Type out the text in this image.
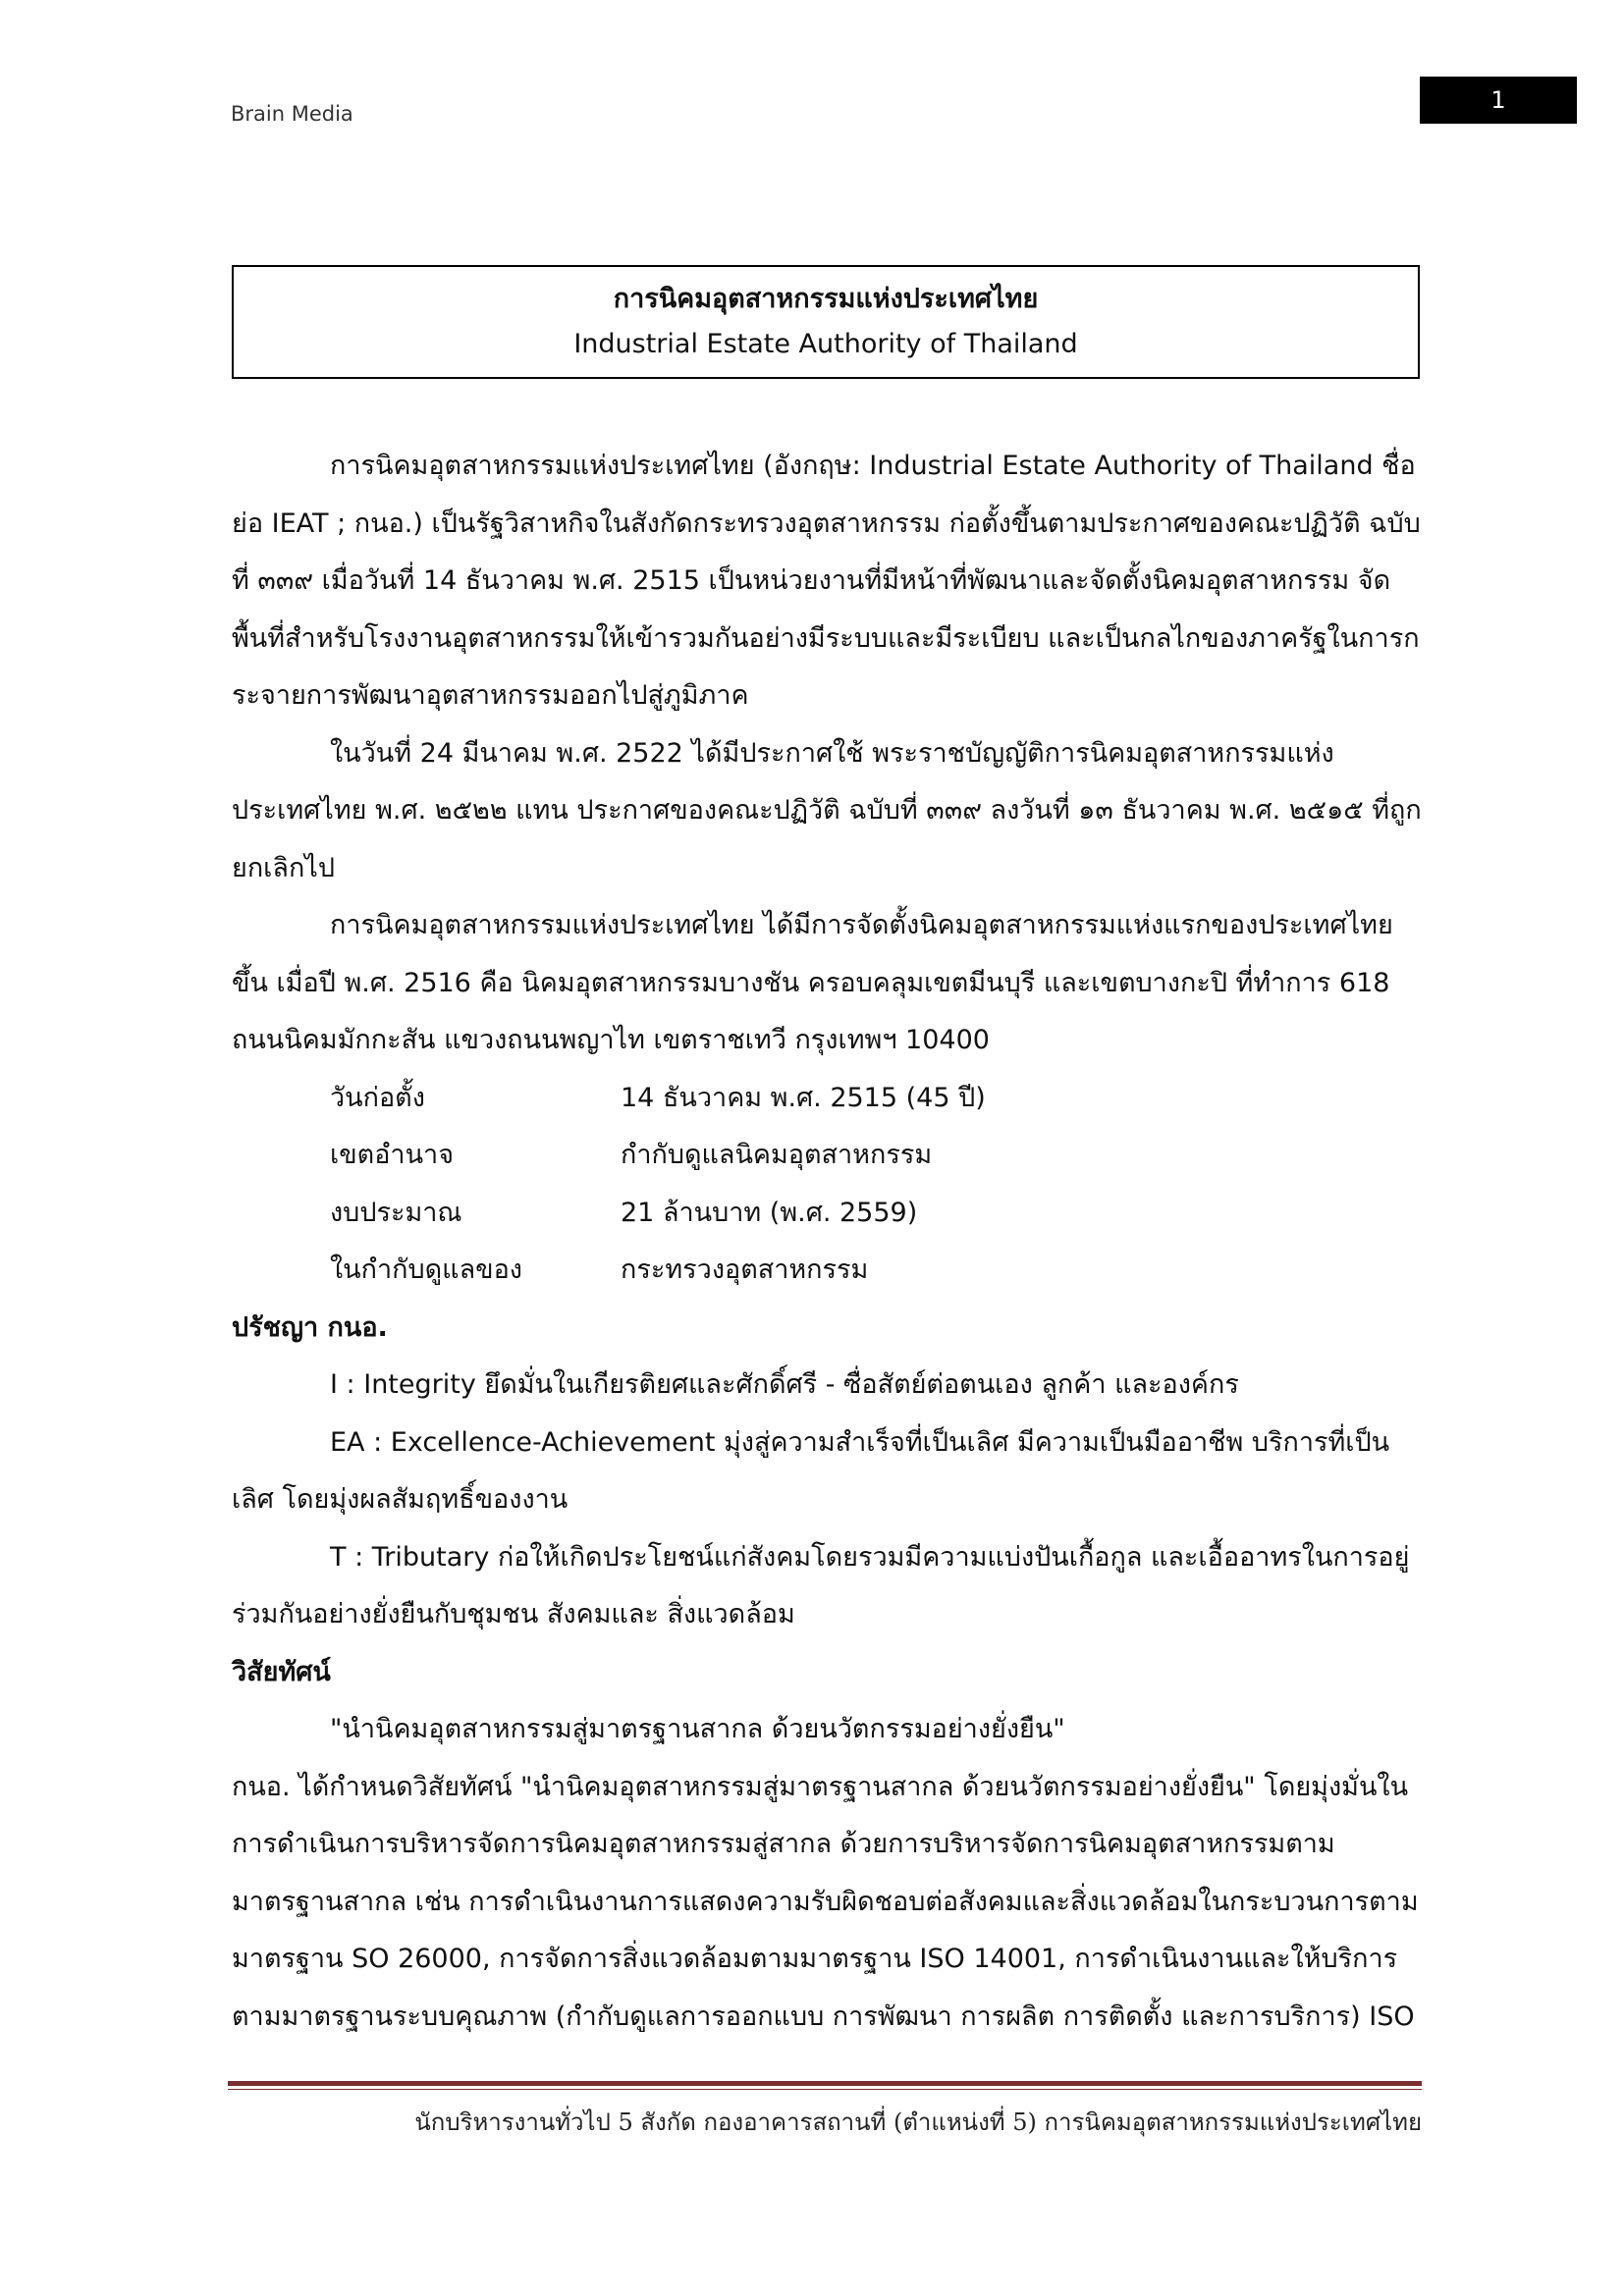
Brain Media	1
การนิคมอุตสาหกรรมแห่งประเทศไทย
Industrial Estate Authority of Thailand

การนิคมอุตสาหกรรมแห่งประเทศไทย (อังกฤษ: Industrial Estate Authority of Thailand ชื่อย่อ IEAT ; กนอ.) เป็นรัฐวิสาหกิจในสังกัดกระทรวงอุตสาหกรรม ก่อตั้งขึ้นตามประกาศของคณะปฏิวัติ ฉบับที่ ๓๓๙ เมื่อวันที่ 14 ธันวาคม พ.ศ. 2515 เป็นหน่วยงานที่มีหน้าที่พัฒนาและจัดตั้งนิคมอุตสาหกรรม จัดพื้นที่สำหรับโรงงานอุตสาหกรรมให้เข้ารวมกันอย่างมีระบบและมีระเบียบ และเป็นกลไกของภาครัฐในการกระจายการพัฒนาอุตสาหกรรมออกไปสู่ภูมิภาค

ในวันที่ 24 มีนาคม พ.ศ. 2522 ได้มีประกาศใช้ พระราชบัญญัติการนิคมอุตสาหกรรมแห่งประเทศไทย พ.ศ. ๒๕๒๒ แทน ประกาศของคณะปฏิวัติ ฉบับที่ ๓๓๙ ลงวันที่ ๑๓ ธันวาคม พ.ศ. ๒๕๑๕ ที่ถูกยกเลิกไป

การนิคมอุตสาหกรรมแห่งประเทศไทย ได้มีการจัดตั้งนิคมอุตสาหกรรมแห่งแรกของประเทศไทยขึ้น เมื่อปี พ.ศ. 2516 คือ นิคมอุตสาหกรรมบางชัน ครอบคลุมเขตมีนบุรี และเขตบางกะปิ ที่ทำการ 618 ถนนนิคมมักกะสัน แขวงถนนพญาไท เขตราชเทวี กรุงเทพฯ 10400

วันก่อตั้ง	14 ธันวาคม พ.ศ. 2515 (45 ปี)
เขตอำนาจ	กำกับดูแลนิคมอุตสาหกรรม
งบประมาณ	21 ล้านบาท (พ.ศ. 2559)
ในกำกับดูแลของ	กระทรวงอุตสาหกรรม

ปรัชญา กนอ.

I : Integrity ยึดมั่นในเกียรติยศและศักดิ์ศรี - ซื่อสัตย์ต่อตนเอง ลูกค้า และองค์กร

EA : Excellence-Achievement มุ่งสู่ความสำเร็จที่เป็นเลิศ มีความเป็นมืออาชีพ บริการที่เป็นเลิศ โดยมุ่งผลสัมฤทธิ์ของงาน

T : Tributary ก่อให้เกิดประโยชน์แก่สังคมโดยรวมมีความแบ่งปันเกื้อกูล และเอื้ออาทรในการอยู่ร่วมกันอย่างยั่งยืนกับชุมชน สังคมและ สิ่งแวดล้อม

วิสัยทัศน์

"นำนิคมอุตสาหกรรมสู่มาตรฐานสากล ด้วยนวัตกรรมอย่างยั่งยืน"

กนอ. ได้กำหนดวิสัยทัศน์ "นำนิคมอุตสาหกรรมสู่มาตรฐานสากล ด้วยนวัตกรรมอย่างยั่งยืน" โดยมุ่งมั่นในการดำเนินการบริหารจัดการนิคมอุตสาหกรรมสู่สากล ด้วยการบริหารจัดการนิคมอุตสาหกรรมตามมาตรฐานสากล เช่น การดำเนินงานการแสดงความรับผิดชอบต่อสังคมและสิ่งแวดล้อมในกระบวนการตามมาตรฐาน SO 26000, การจัดการสิ่งแวดล้อมตามมาตรฐาน ISO 14001, การดำเนินงานและให้บริการตามมาตรฐานระบบคุณภาพ (กำกับดูแลการออกแบบ การพัฒนา การผลิต การติดตั้ง และการบริการ) ISO

นักบริหารงานทั่วไป 5 สังกัด กองอาคารสถานที่ (ตำแหน่งที่ 5) การนิคมอุตสาหกรรมแห่งประเทศไทย
